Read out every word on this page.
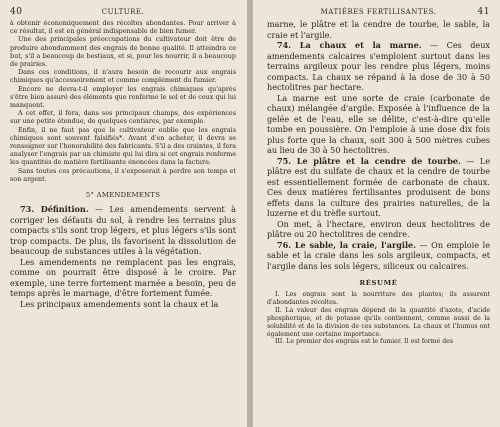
40	CULTURE.

à obtenir économiquement des récoltes abondantes. Pour arriver à ce résultat, il est en général indispensable de bien fumer.

Une des principales préoccupations du cultivateur doit être de produire abondamment des engrais de bonne qualité. Il atteindra ce but, s'il a beaucoup de bestiaux, et si, pour les nourrir, il a beaucoup de prairies.

Dans ces conditions, il n'aura besoin de recourir aux engrais chimiques qu'accessoirement et comme complément du fumier.

Encore ne devra-t-il employer les engrais chimiques qu'après s'être bien assuré des éléments que renferme le sol et de ceux qui lui manquent.

A cet effet, il fera, dans ses principaux champs, des expériences sur une petite étendue, de quelques centiares, par exemple.

Enfin, il ne faut pas que le cultivateur oublie que les engrais chimiques sont souvent falsifiés*. Avant d'en acheter, il devra se renseigner sur l'honorabilité des fabricants. S'il a des craintes, il fera analyser l'engrais par un chimiste qui lui dira si cet engrais renferme les quantités de matière fertilisante énoncées dans la facture.

Sans toutes ces précautions, il s'exposerait à perdre son temps et son argent.

5° AMENDEMENTS

73. Définition. — Les amendements servent à corriger les défauts du sol, à rendre les terrains plus compacts s'ils sont trop légers, et plus légers s'ils sont trop compacts. De plus, ils favorisent la dissolution de beaucoup de substances utiles à la végétation.

Les amendements ne remplacent pas les engrais, comme on pourrait être disposé à le croire. Par exemple, une terre fortement marnée a besoin, peu de temps après le marnage, d'être fortement fumée.

Les principaux amendements sont la chaux et la

MATIÈRES FERTILISANTES.	41

marne, le plâtre et la cendre de tourbe, le sable, la craie et l'argile.

74. La chaux et la marne. — Ces deux amendements calcaires s'emploient surtout dans les terrains argileux pour les rendre plus légers, moins compacts. La chaux se répand à la dose de 30 à 50 hectolitres par hectare.

La marne est une sorte de craie (carbonate de chaux) mélangée d'argile. Exposée à l'influence de la gelée et de l'eau, elle se délite, c'est-à-dire qu'elle tombe en poussière. On l'emploie à une dose dix fois plus forte que la chaux, soit 300 à 500 mètres cubes au lieu de 30 à 50 hectolitres.

75. Le plâtre et la cendre de tourbe. — Le plâtre est du sulfate de chaux et la cendre de tourbe est essentiellement formée de carbonate de chaux. Ces deux matières fertilisantes produisent de bons effets dans la culture des prairies naturelles, de la luzerne et du trèfle surtout.

On met, à l'hectare, environ deux hectolitres de plâtre ou 20 hectolitres de cendre.

76. Le sable, la craie, l'argile. — On emploie le sable et la craie dans les sols argileux, compacts, et l'argile dans les sols légers, siliceux ou calcaires.

RÉSUMÉ

I. Les engrais sont la nourriture des plantes; ils assurent d'abondantes récoltes.

II. La valeur des engrais dépend de la quantité d'azote, d'acide phosphorique, et de potasse qu'ils contiennent, comme aussi de la solubilité et de la division de ces substances. La chaux et l'humus ont également une certaine importance.

III. Le premier des engrais est le fumier. Il est formé des
